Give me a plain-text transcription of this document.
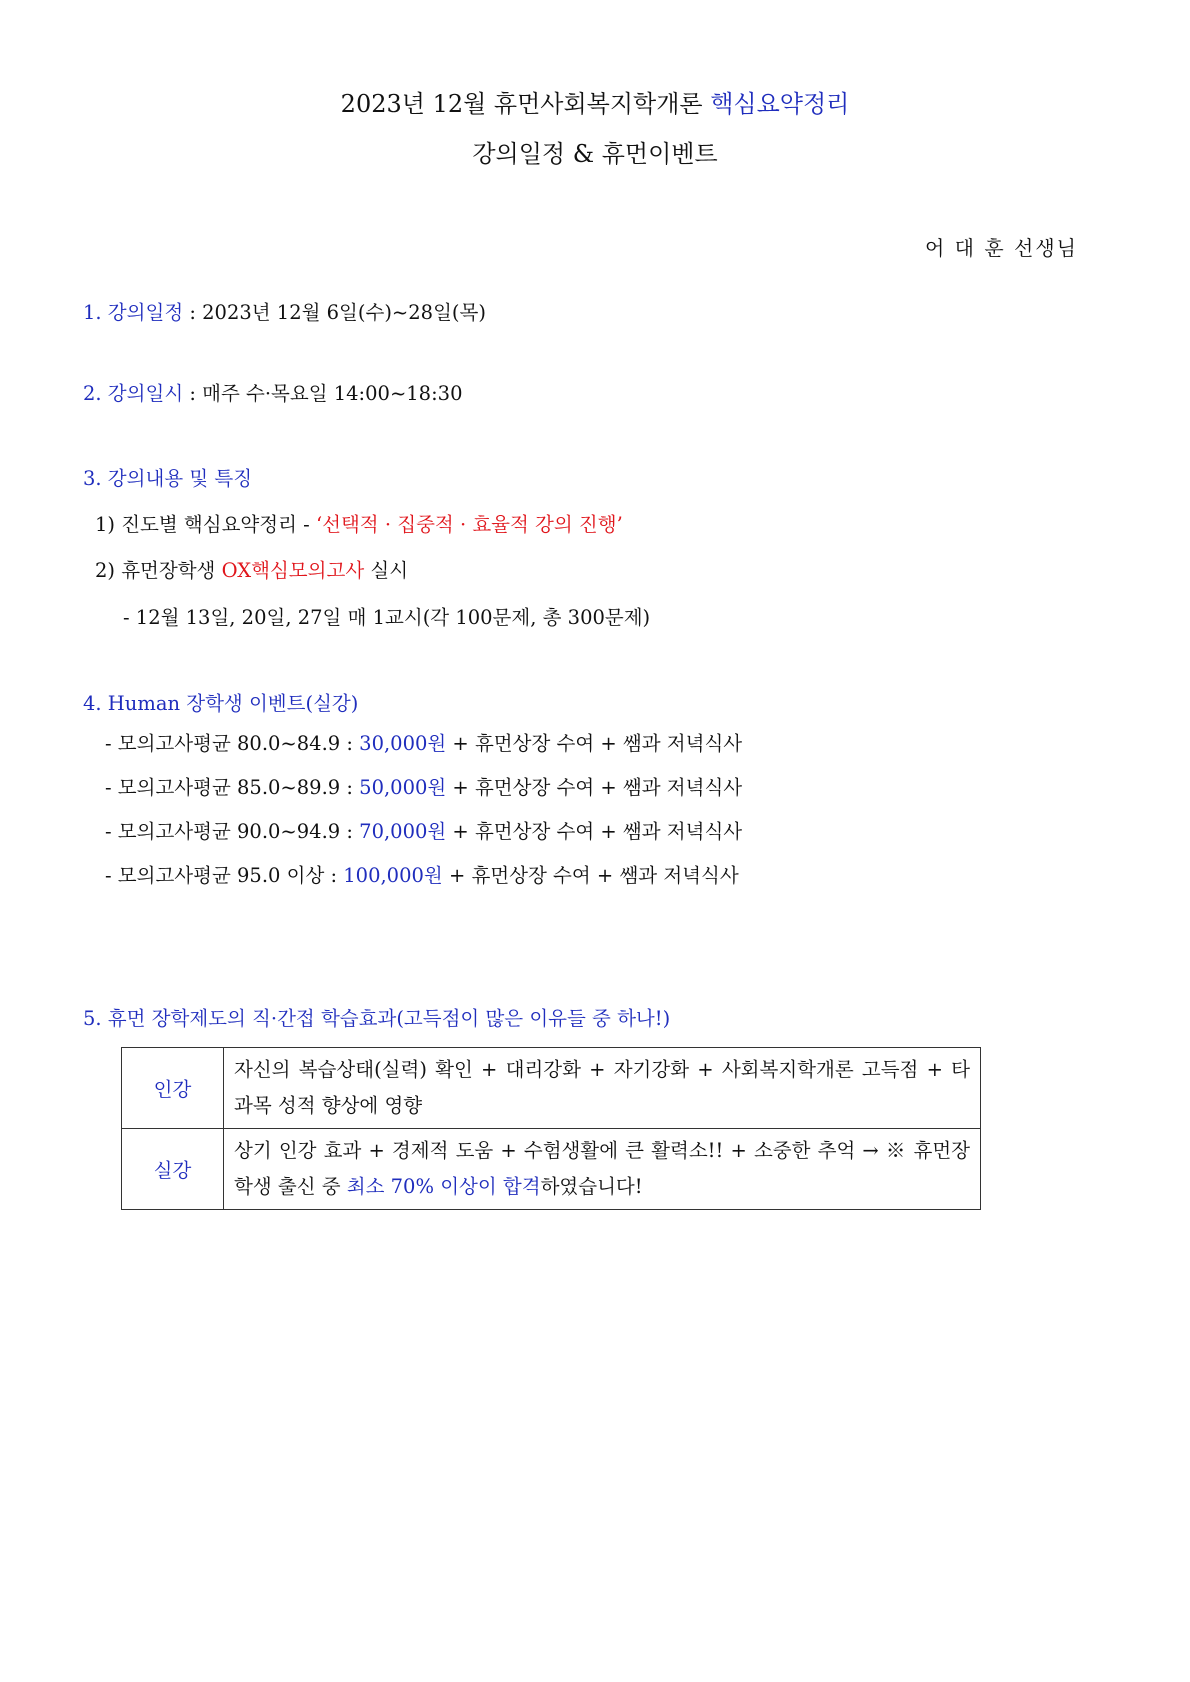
2023년 12월 휴먼사회복지학개론 핵심요약정리
강의일정 & 휴먼이벤트
어 대 훈 선생님
1. 강의일정 : 2023년 12월 6일(수)~28일(목)
2. 강의일시 : 매주 수·목요일 14:00~18:30
3. 강의내용 및 특징
1) 진도별 핵심요약정리 - ‘선택적 · 집중적 · 효율적 강의 진행’
2) 휴먼장학생 OX핵심모의고사 실시
- 12월 13일, 20일, 27일 매 1교시(각 100문제, 총 300문제)
4. Human 장학생 이벤트(실강)
- 모의고사평균 80.0~84.9 : 30,000원 + 휴먼상장 수여 + 쌤과 저녁식사
- 모의고사평균 85.0~89.9 : 50,000원 + 휴먼상장 수여 + 쌤과 저녁식사
- 모의고사평균 90.0~94.9 : 70,000원 + 휴먼상장 수여 + 쌤과 저녁식사
- 모의고사평균 95.0 이상 : 100,000원 + 휴먼상장 수여 + 쌤과 저녁식사
5. 휴먼 장학제도의 직·간접 학습효과(고득점이 많은 이유들 중 하나!)
인강	자신의 복습상태(실력) 확인 + 대리강화 + 자기강화 + 사회복지학개론 고득점 + 타 과목 성적 향상에 영향
실강	상기 인강 효과 + 경제적 도움 + 수험생활에 큰 활력소!! + 소중한 추억 → ※ 휴먼장학생 출신 중 최소 70% 이상이 합격하였습니다!
